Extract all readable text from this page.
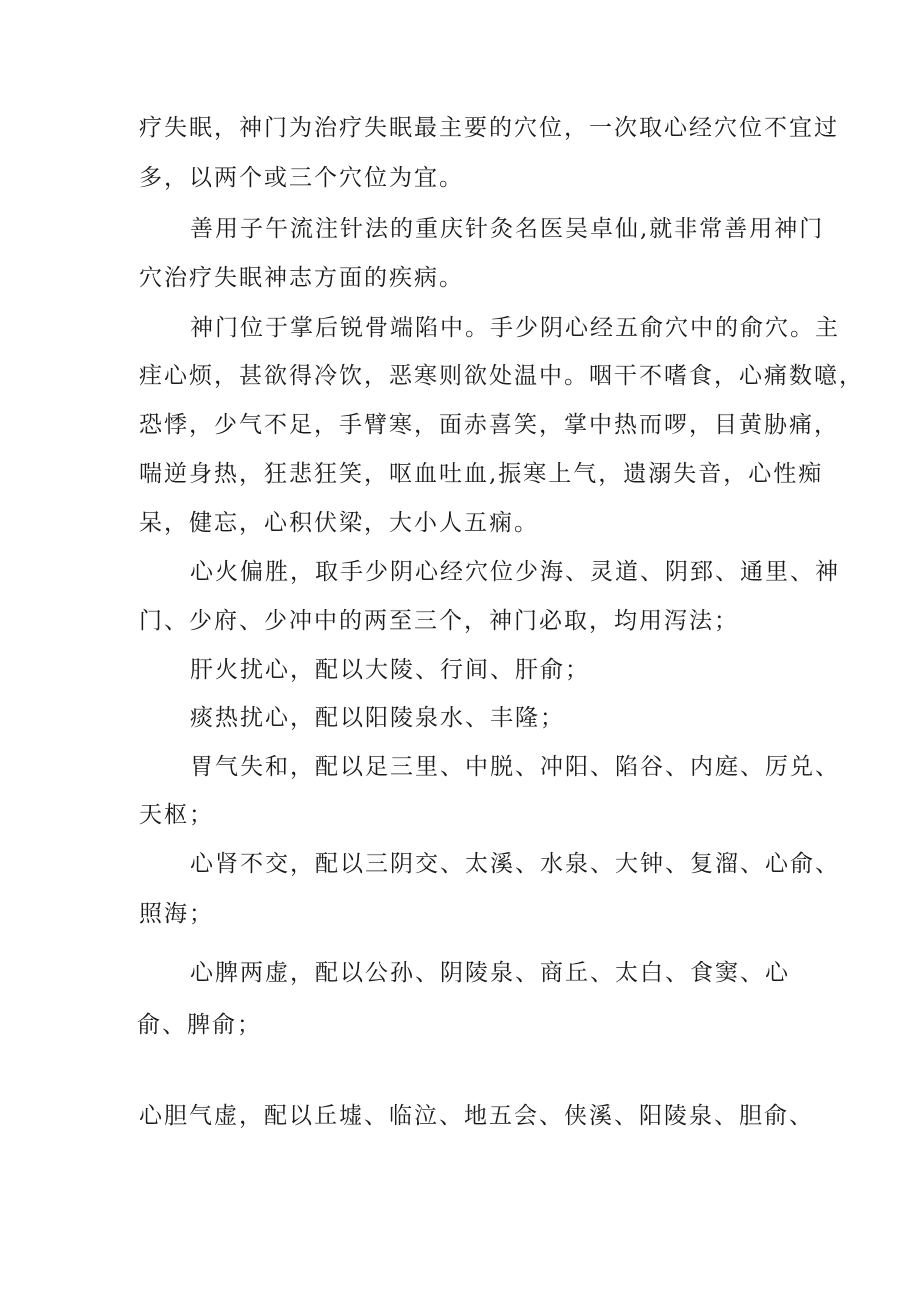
疗失眠，神门为治疗失眠最主要的穴位，一次取心经穴位不宜过
多，以两个或三个穴位为宜。
善用子午流注针法的重庆针灸名医吴卓仙,就非常善用神门
穴治疗失眠神志方面的疾病。
神门位于掌后锐骨端陷中。手少阴心经五俞穴中的俞穴。主
疰心烦，甚欲得冷饮，恶寒则欲处温中。咽干不嗜食，心痛数噫，
恐悸，少气不足，手臂寒，面赤喜笑，掌中热而啰，目黄胁痛，
喘逆身热，狂悲狂笑，呕血吐血,振寒上气，遗溺失音，心性痴
呆，健忘，心积伏梁，大小人五痫。
心火偏胜，取手少阴心经穴位少海、灵道、阴郅、通里、神
门、少府、少冲中的两至三个，神门必取，均用泻法；
肝火扰心，配以大陵、行间、肝俞；
痰热扰心，配以阳陵泉水、丰隆；
胃气失和，配以足三里、中脱、冲阳、陷谷、内庭、厉兑、
天枢；
心肾不交，配以三阴交、太溪、水泉、大钟、复溜、心俞、
照海；
心脾两虚，配以公孙、阴陵泉、商丘、太白、食窦、心
俞、脾俞；
心胆气虚，配以丘墟、临泣、地五会、侠溪、阳陵泉、胆俞、
